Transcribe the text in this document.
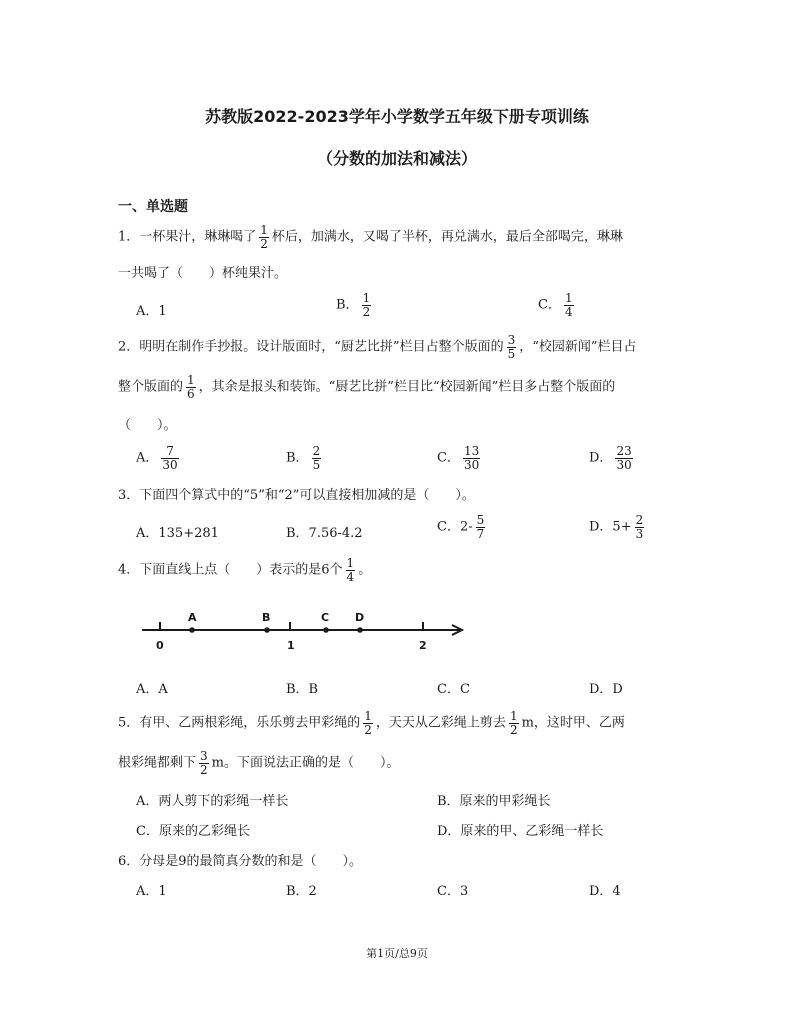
苏教版2022-2023学年小学数学五年级下册专项训练
（分数的加法和减法）
一、单选题
1．一杯果汁，琳琳喝了 $\frac{1}{2}$ 杯后，加满水，又喝了半杯，再兑满水，最后全部喝完，琳琳
一共喝了（　　）杯纯果汁。
A．1	B． $\frac{1}{2}$	C． $\frac{1}{4}$
2．明明在制作手抄报。设计版面时，“厨艺比拼”栏目占整个版面的 $\frac{3}{5}$ ，“校园新闻”栏目占
整个版面的 $\frac{1}{6}$ ，其余是报头和装饰。“厨艺比拼”栏目比“校园新闻”栏目多占整个版面的
（　　）。
A． $\frac{7}{30}$	B． $\frac{2}{5}$	C． $\frac{13}{30}$	D． $\frac{23}{30}$
3．下面四个算式中的“5”和“2”可以直接相加减的是（　　）。
A．135+281	B．7.56-4.2	C．$2- \frac{5}{7}$	D．$5+ \frac{2}{3}$
4．下面直线上点（　　）表示的是6个 $\frac{1}{4}$ 。
0	1	2
A	B	C D
A．A	B．B	C．C	D．D
5．有甲、乙两根彩绳，乐乐剪去甲彩绳的 $\frac{1}{2}$ ，天天从乙彩绳上剪去 $\frac{1}{2}$ m，这时甲、乙两
根彩绳都剩下 $\frac{3}{2}$ m。下面说法正确的是（　　）。
A．两人剪下的彩绳一样长	B．原来的甲彩绳长
C．原来的乙彩绳长	D．原来的甲、乙彩绳一样长
6．分母是9的最简真分数的和是（　　）。
A．1	B．2	C．3	D．4
第1页/总9页
